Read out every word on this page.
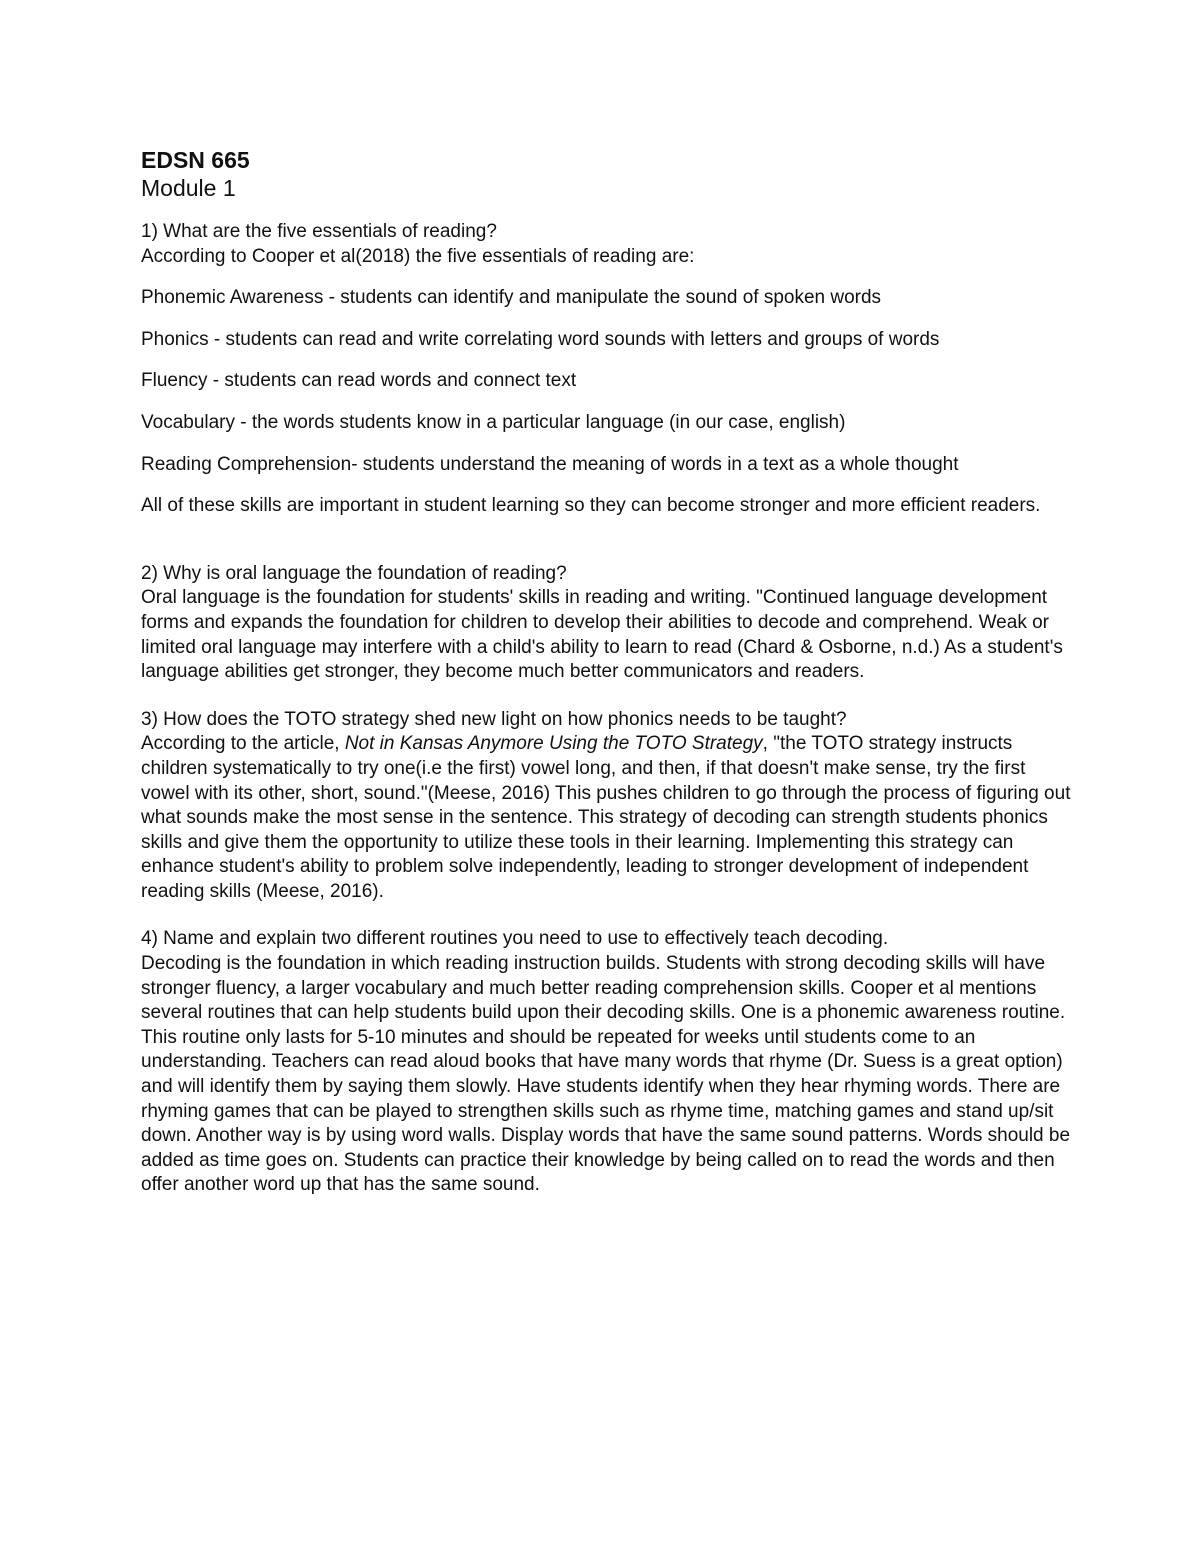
EDSN 665
Module 1

1) What are the five essentials of reading?

According to Cooper et al(2018) the five essentials of reading are:

Phonemic Awareness - students can identify and manipulate the sound of spoken words

Phonics - students can read and write correlating word sounds with letters and groups of words

Fluency - students can read words and connect text

Vocabulary - the words students know in a particular language (in our case, english)

Reading Comprehension- students understand the meaning of words in a text as a whole thought

All of these skills are important in student learning so they can become stronger and more efficient readers.

2) Why is oral language the foundation of reading?

Oral language is the foundation for students' skills in reading and writing. "Continued language development forms and expands the foundation for children to develop their abilities to decode and comprehend. Weak or limited oral language may interfere with a child's ability to learn to read (Chard & Osborne, n.d.) As a student's language abilities get stronger, they become much better communicators and readers.

3) How does the TOTO strategy shed new light on how phonics needs to be taught?

According to the article, Not in Kansas Anymore Using the TOTO Strategy, "the TOTO strategy instructs children systematically to try one(i.e the first) vowel long, and then, if that doesn't make sense, try the first vowel with its other, short, sound."(Meese, 2016) This pushes children to go through the process of figuring out what sounds make the most sense in the sentence. This strategy of decoding can strength students phonics skills and give them the opportunity to utilize these tools in their learning. Implementing this strategy can enhance student's ability to problem solve independently, leading to stronger development of independent reading skills (Meese, 2016).

4) Name and explain two different routines you need to use to effectively teach decoding.

Decoding is the foundation in which reading instruction builds. Students with strong decoding skills will have stronger fluency, a larger vocabulary and much better reading comprehension skills. Cooper et al mentions several routines that can help students build upon their decoding skills. One is a phonemic awareness routine. This routine only lasts for 5-10 minutes and should be repeated for weeks until students come to an understanding. Teachers can read aloud books that have many words that rhyme (Dr. Suess is a great option) and will identify them by saying them slowly. Have students identify when they hear rhyming words. There are rhyming games that can be played to strengthen skills such as rhyme time, matching games and stand up/sit down. Another way is by using word walls. Display words that have the same sound patterns. Words should be added as time goes on. Students can practice their knowledge by being called on to read the words and then offer another word up that has the same sound.
